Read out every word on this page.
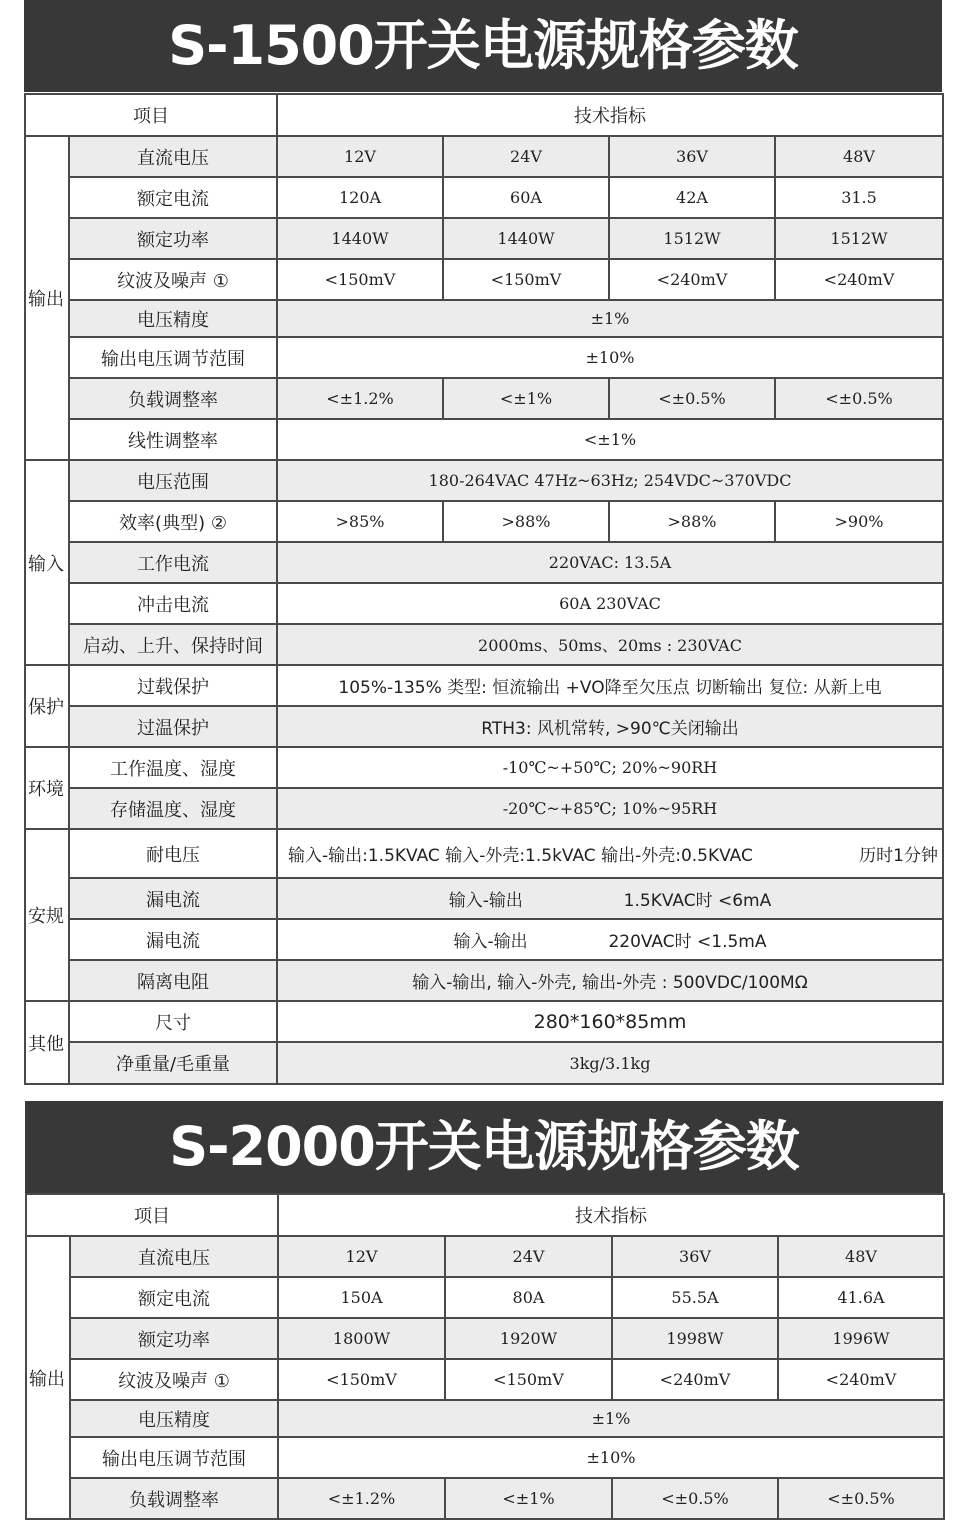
S-1500开关电源规格参数
项目		技术指标			
输出	直流电压	12V	24V	36V	48V
	额定电流	120A	60A	42A	31.5
	额定功率	1440W	1440W	1512W	1512W
	纹波及噪声 ①	<150mV	<150mV	<240mV	<240mV
	电压精度	±1%			
	输出电压调节范围	±10%			
	负载调整率	<±1.2%	<±1%	<±0.5%	<±0.5%
	线性调整率	<±1%			
输入	电压范围	180-264VAC 47Hz~63Hz; 254VDC~370VDC			
	效率(典型) ②	>85%	>88%	>88%	>90%
	工作电流	220VAC: 13.5A			
	冲击电流	60A 230VAC			
	启动、上升、保持时间	2000ms、50ms、20ms : 230VAC			
保护	过载保护	105%-135% 类型: 恒流输出 +VO降至欠压点 切断输出 复位: 从新上电			
	过温保护	RTH3: 风机常转, >90℃关闭输出			
环境	工作温度、湿度	-10℃~+50℃; 20%~90RH			
	存储温度、湿度	-20℃~+85℃; 10%~95RH			
安规	耐电压	输入-输出:1.5KVAC 输入-外壳:1.5kVAC 输出-外壳:0.5KVAC 历时1分钟			

	漏电流	输入-输出 1.5KVAC时 <6mA			
	漏电流	输入-输出 220VAC时 <1.5mA			
	隔离电阻	输入-输出, 输入-外壳, 输出-外壳 : 500VDC/100MΩ			
其他	尺寸	280*160*85mm			
	净重量/毛重量	3kg/3.1kg			
S-2000开关电源规格参数
项目		技术指标			
输出	直流电压	12V	24V	36V	48V
	额定电流	150A	80A	55.5A	41.6A
	额定功率	1800W	1920W	1998W	1996W
	纹波及噪声 ①	<150mV	<150mV	<240mV	<240mV
	电压精度	±1%			
	输出电压调节范围	±10%			
	负载调整率	<±1.2%	<±1%	<±0.5%	<±0.5%
